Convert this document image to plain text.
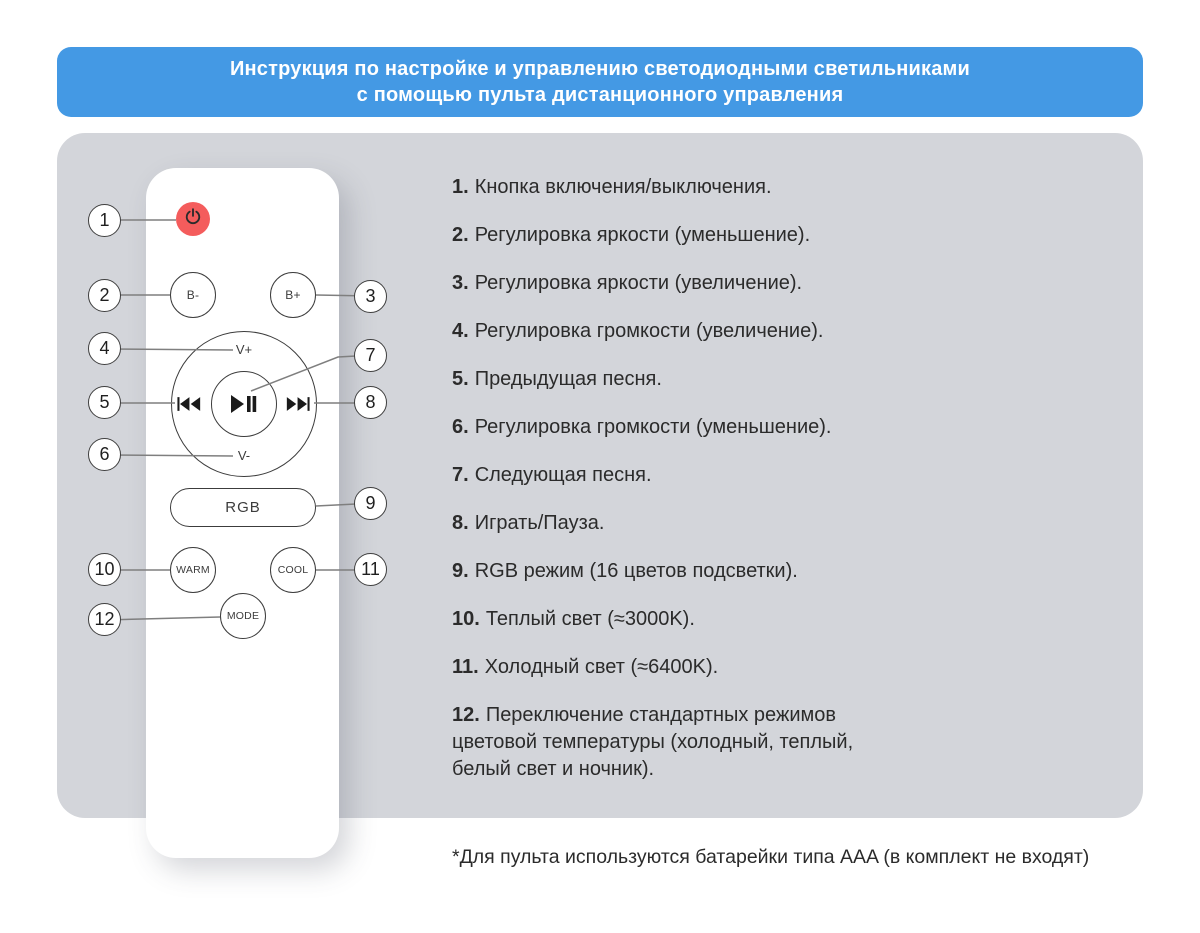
Инструкция по настройке и управлению светодиодными светильниками
с помощью пульта дистанционного управления
B-	B+
V+
V-
RGB
WARM	COOL
MODE
1
2	3
4
5
6
7
8
9
10	11
12
1. Кнопка включения/выключения.
2. Регулировка яркости (уменьшение).
3. Регулировка яркости (увеличение).
4. Регулировка громкости (увеличение).
5. Предыдущая песня.
6. Регулировка громкости (уменьшение).
7. Следующая песня.
8. Играть/Пауза.
9. RGB режим (16 цветов подсветки).
10. Теплый свет (≈3000K).
11. Холодный свет (≈6400K).
12. Переключение стандартных режимов цветовой температуры (холодный, теплый, белый свет и ночник).
*Для пульта используются батарейки типа AAA (в комплект не входят)
